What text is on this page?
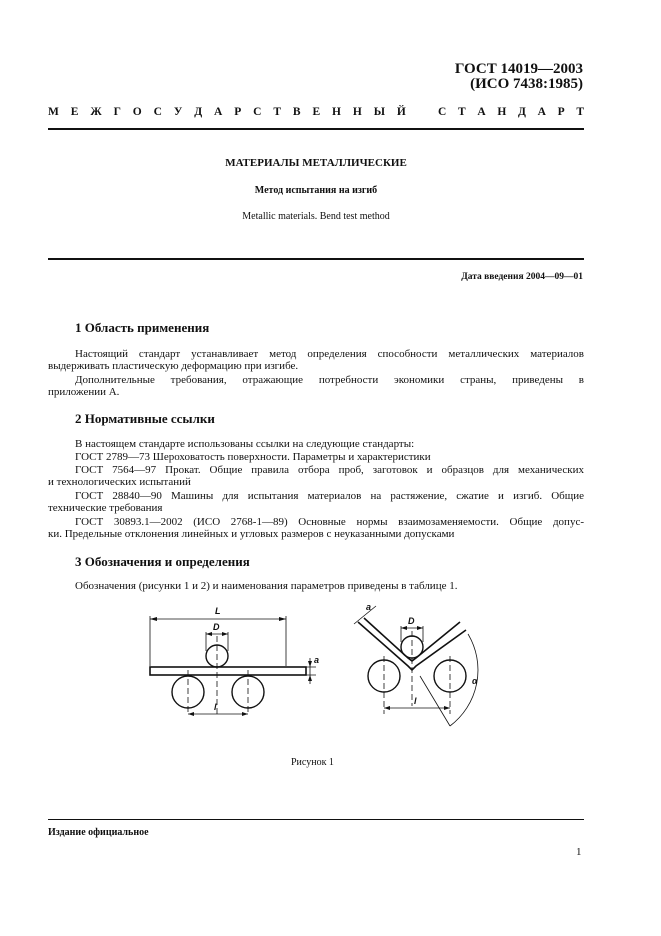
ГОСТ 14019—2003
(ИСО 7438:1985)
М Е Ж Г О С У Д А Р С Т В Е Н Н Ы Й	С Т А Н Д А Р Т
МАТЕРИАЛЫ МЕТАЛЛИЧЕСКИЕ
Метод испытания на изгиб
Metallic materials. Bend test method
Дата введения 2004—09—01
1 Область применения
Настоящий стандарт устанавливает метод определения способности металлических материалов
выдерживать пластическую деформацию при изгибе.
Дополнительные требования, отражающие потребности экономики страны, приведены в
приложении А.
2 Нормативные ссылки
В настоящем стандарте использованы ссылки на следующие стандарты:
ГОСТ 2789—73 Шероховатость поверхности. Параметры и характеристики
ГОСТ 7564—97 Прокат. Общие правила отбора проб, заготовок и образцов для механических
и технологических испытаний
ГОСТ 28840—90 Машины для испытания материалов на растяжение, сжатие и изгиб. Общие
технические требования
ГОСТ 30893.1—2002 (ИСО 2768-1—89) Основные нормы взаимозаменяемости. Общие допус-
ки. Предельные отклонения линейных и угловых размеров с неуказанными допусками
3 Обозначения и определения
Обозначения (рисунки 1 и 2) и наименования параметров приведены в таблице 1.
L
D
l
a
D
l
a
α
Рисунок 1
Издание официальное
1
